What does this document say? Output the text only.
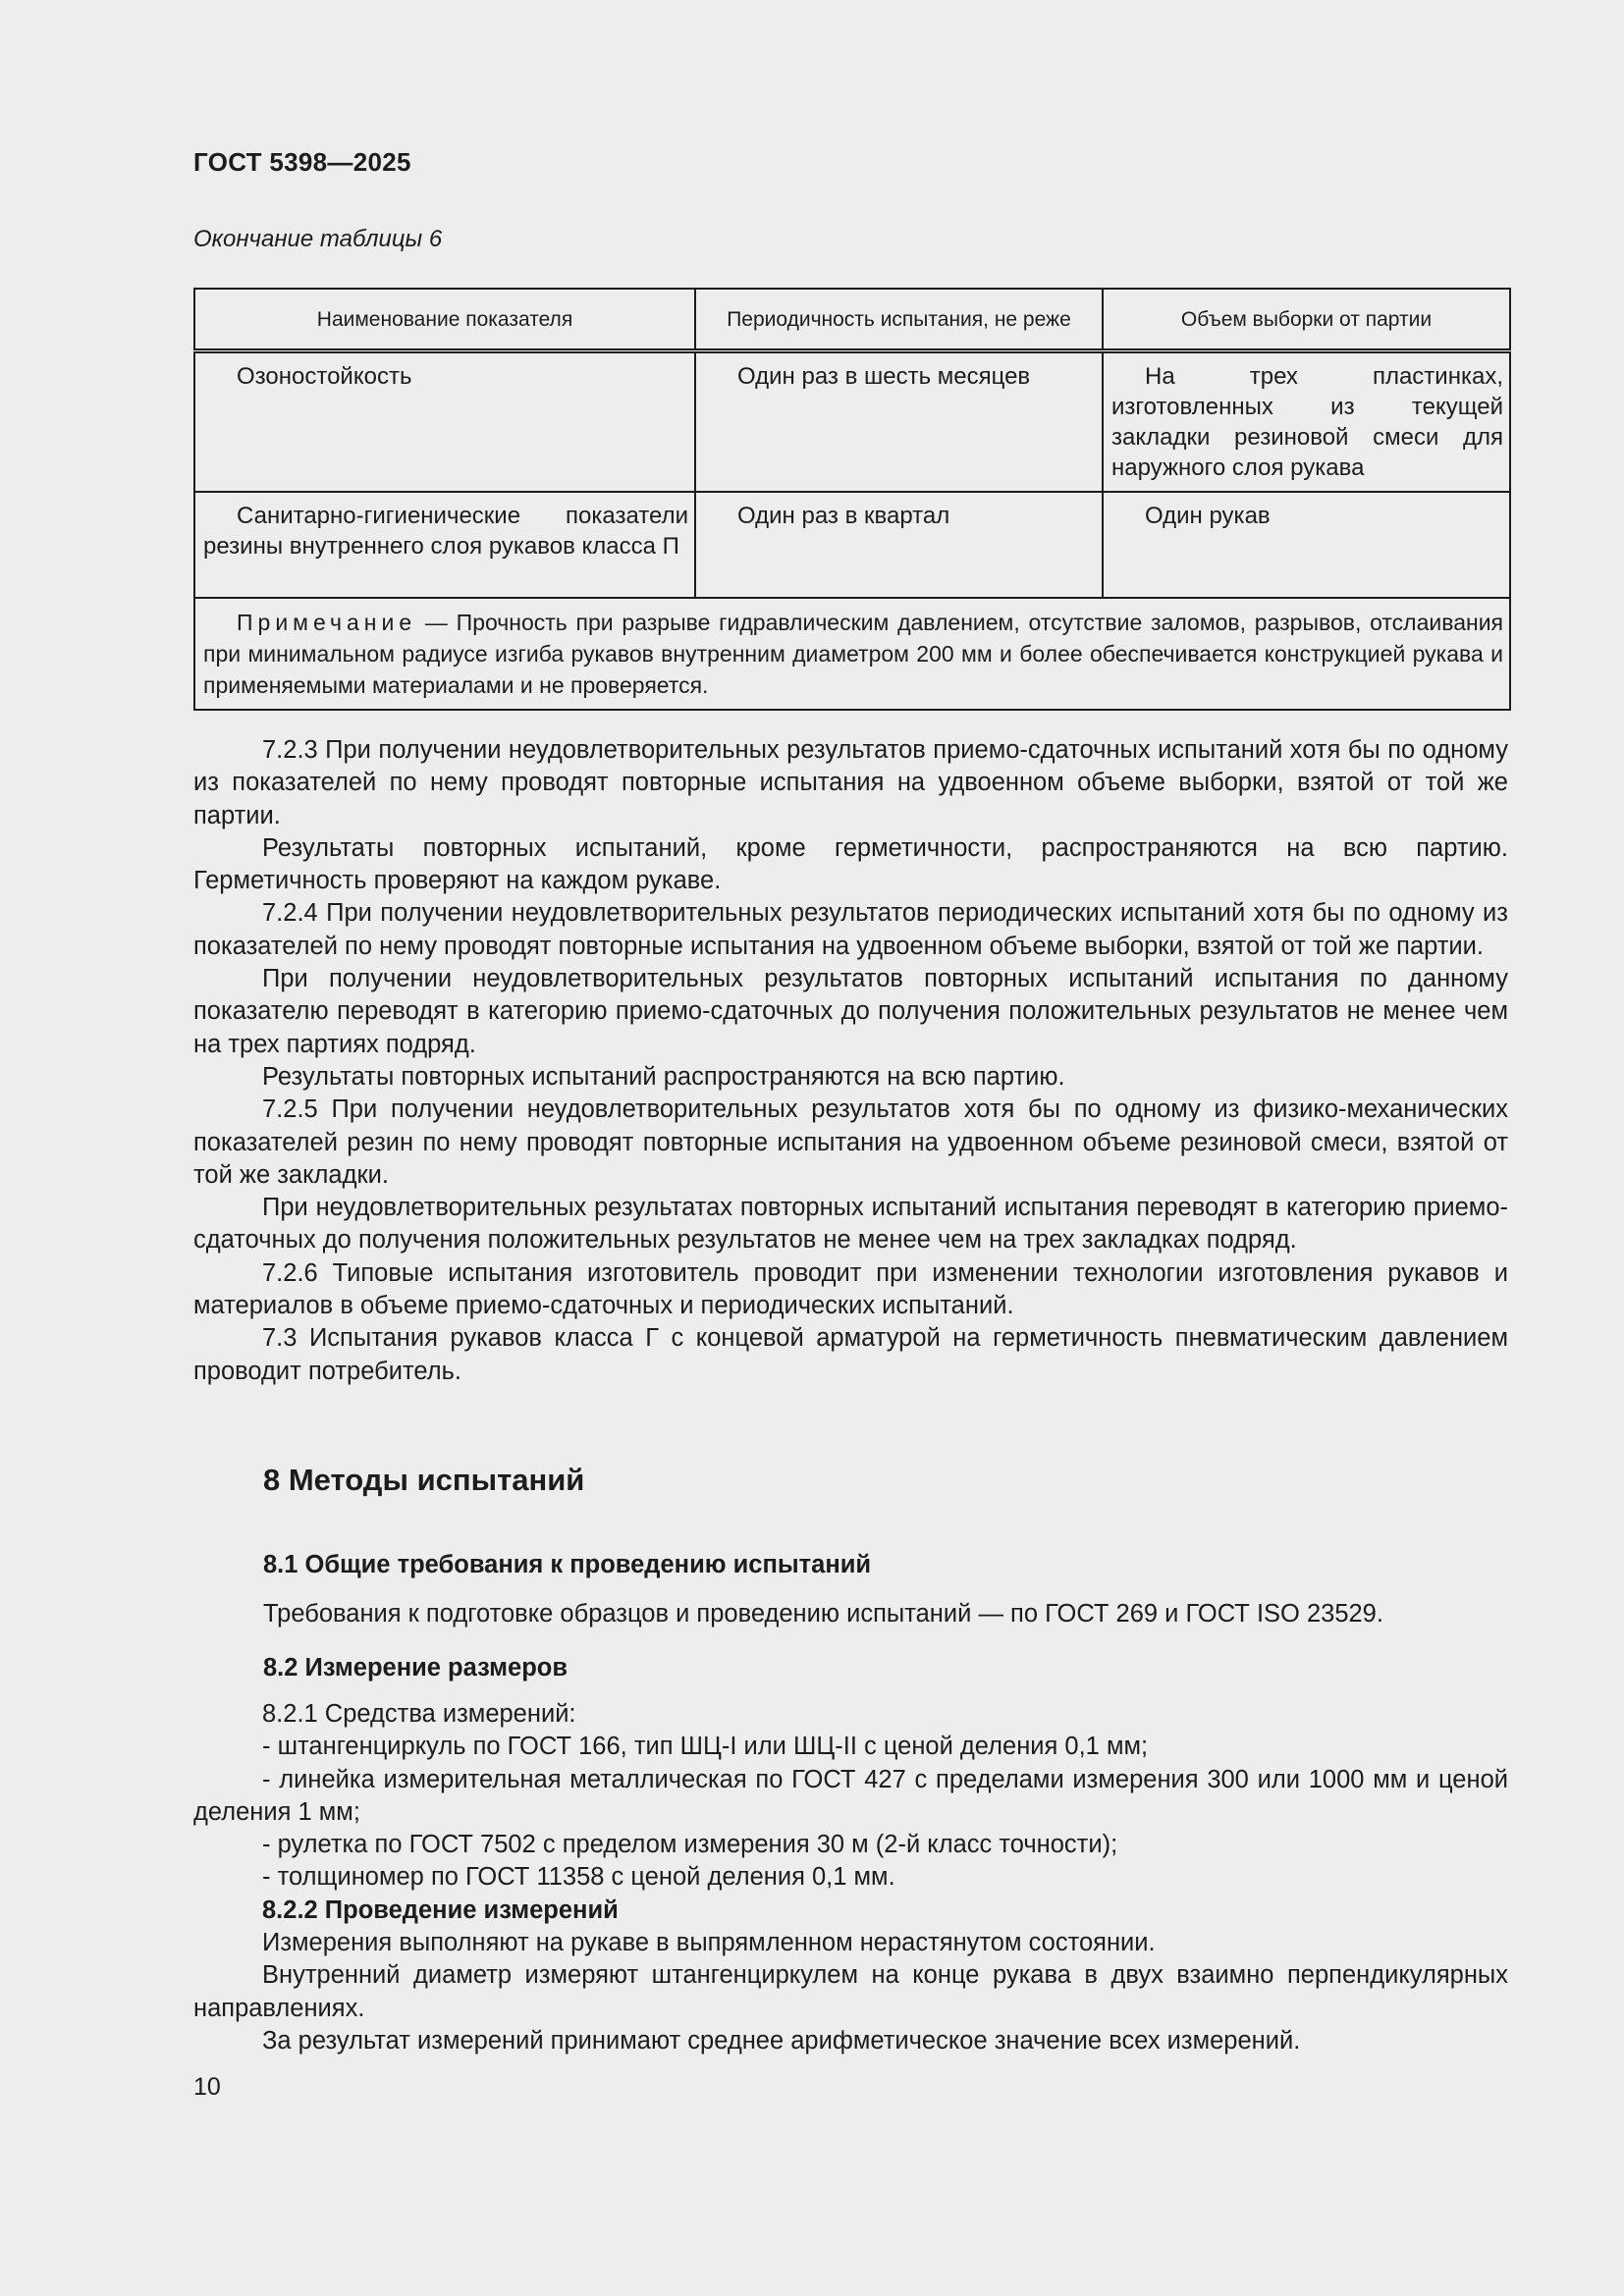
ГОСТ 5398—2025
Окончание таблицы 6
Наименование показателя	Периодичность испытания, не реже	Объем выборки от партии
Озоностойкость	Один раз в шесть месяцев	На трех пластинках, изготовленных из текущей закладки резиновой смеси для наружного слоя рукава
Санитарно-гигиенические показатели резины внутреннего слоя рукавов класса П	Один раз в квартал	Один рукав
Примечание — Прочность при разрыве гидравлическим давлением, отсутствие заломов, разрывов, отслаивания при минимальном радиусе изгиба рукавов внутренним диаметром 200 мм и более обеспечивается конструкцией рукава и применяемыми материалами и не проверяется.		

7.2.3 При получении неудовлетворительных результатов приемо-сдаточных испытаний хотя бы по одному из показателей по нему проводят повторные испытания на удвоенном объеме выборки, взятой от той же партии.

Результаты повторных испытаний, кроме герметичности, распространяются на всю партию. Герметичность проверяют на каждом рукаве.

7.2.4 При получении неудовлетворительных результатов периодических испытаний хотя бы по одному из показателей по нему проводят повторные испытания на удвоенном объеме выборки, взятой от той же партии.

При получении неудовлетворительных результатов повторных испытаний испытания по данному показателю переводят в категорию приемо-сдаточных до получения положительных результатов не менее чем на трех партиях подряд.

Результаты повторных испытаний распространяются на всю партию.

7.2.5 При получении неудовлетворительных результатов хотя бы по одному из физико-механических показателей резин по нему проводят повторные испытания на удвоенном объеме резиновой смеси, взятой от той же закладки.

При неудовлетворительных результатах повторных испытаний испытания переводят в категорию приемо-сдаточных до получения положительных результатов не менее чем на трех закладках подряд.

7.2.6 Типовые испытания изготовитель проводит при изменении технологии изготовления рукавов и материалов в объеме приемо-сдаточных и периодических испытаний.

7.3 Испытания рукавов класса Г с концевой арматурой на герметичность пневматическим давлением проводит потребитель.

8 Методы испытаний
8.1 Общие требования к проведению испытаний
Требования к подготовке образцов и проведению испытаний — по ГОСТ 269 и ГОСТ ISO 23529.
8.2 Измерение размеров

8.2.1 Средства измерений:

- штангенциркуль по ГОСТ 166, тип ШЦ-I или ШЦ-II с ценой деления 0,1 мм;

- линейка измерительная металлическая по ГОСТ 427 с пределами измерения 300 или 1000 мм и ценой деления 1 мм;

- рулетка по ГОСТ 7502 с пределом измерения 30 м (2-й класс точности);

- толщиномер по ГОСТ 11358 с ценой деления 0,1 мм.

8.2.2 Проведение измерений

Измерения выполняют на рукаве в выпрямленном нерастянутом состоянии.

Внутренний диаметр измеряют штангенциркулем на конце рукава в двух взаимно перпендикулярных направлениях.

За результат измерений принимают среднее арифметическое значение всех измерений.

10
